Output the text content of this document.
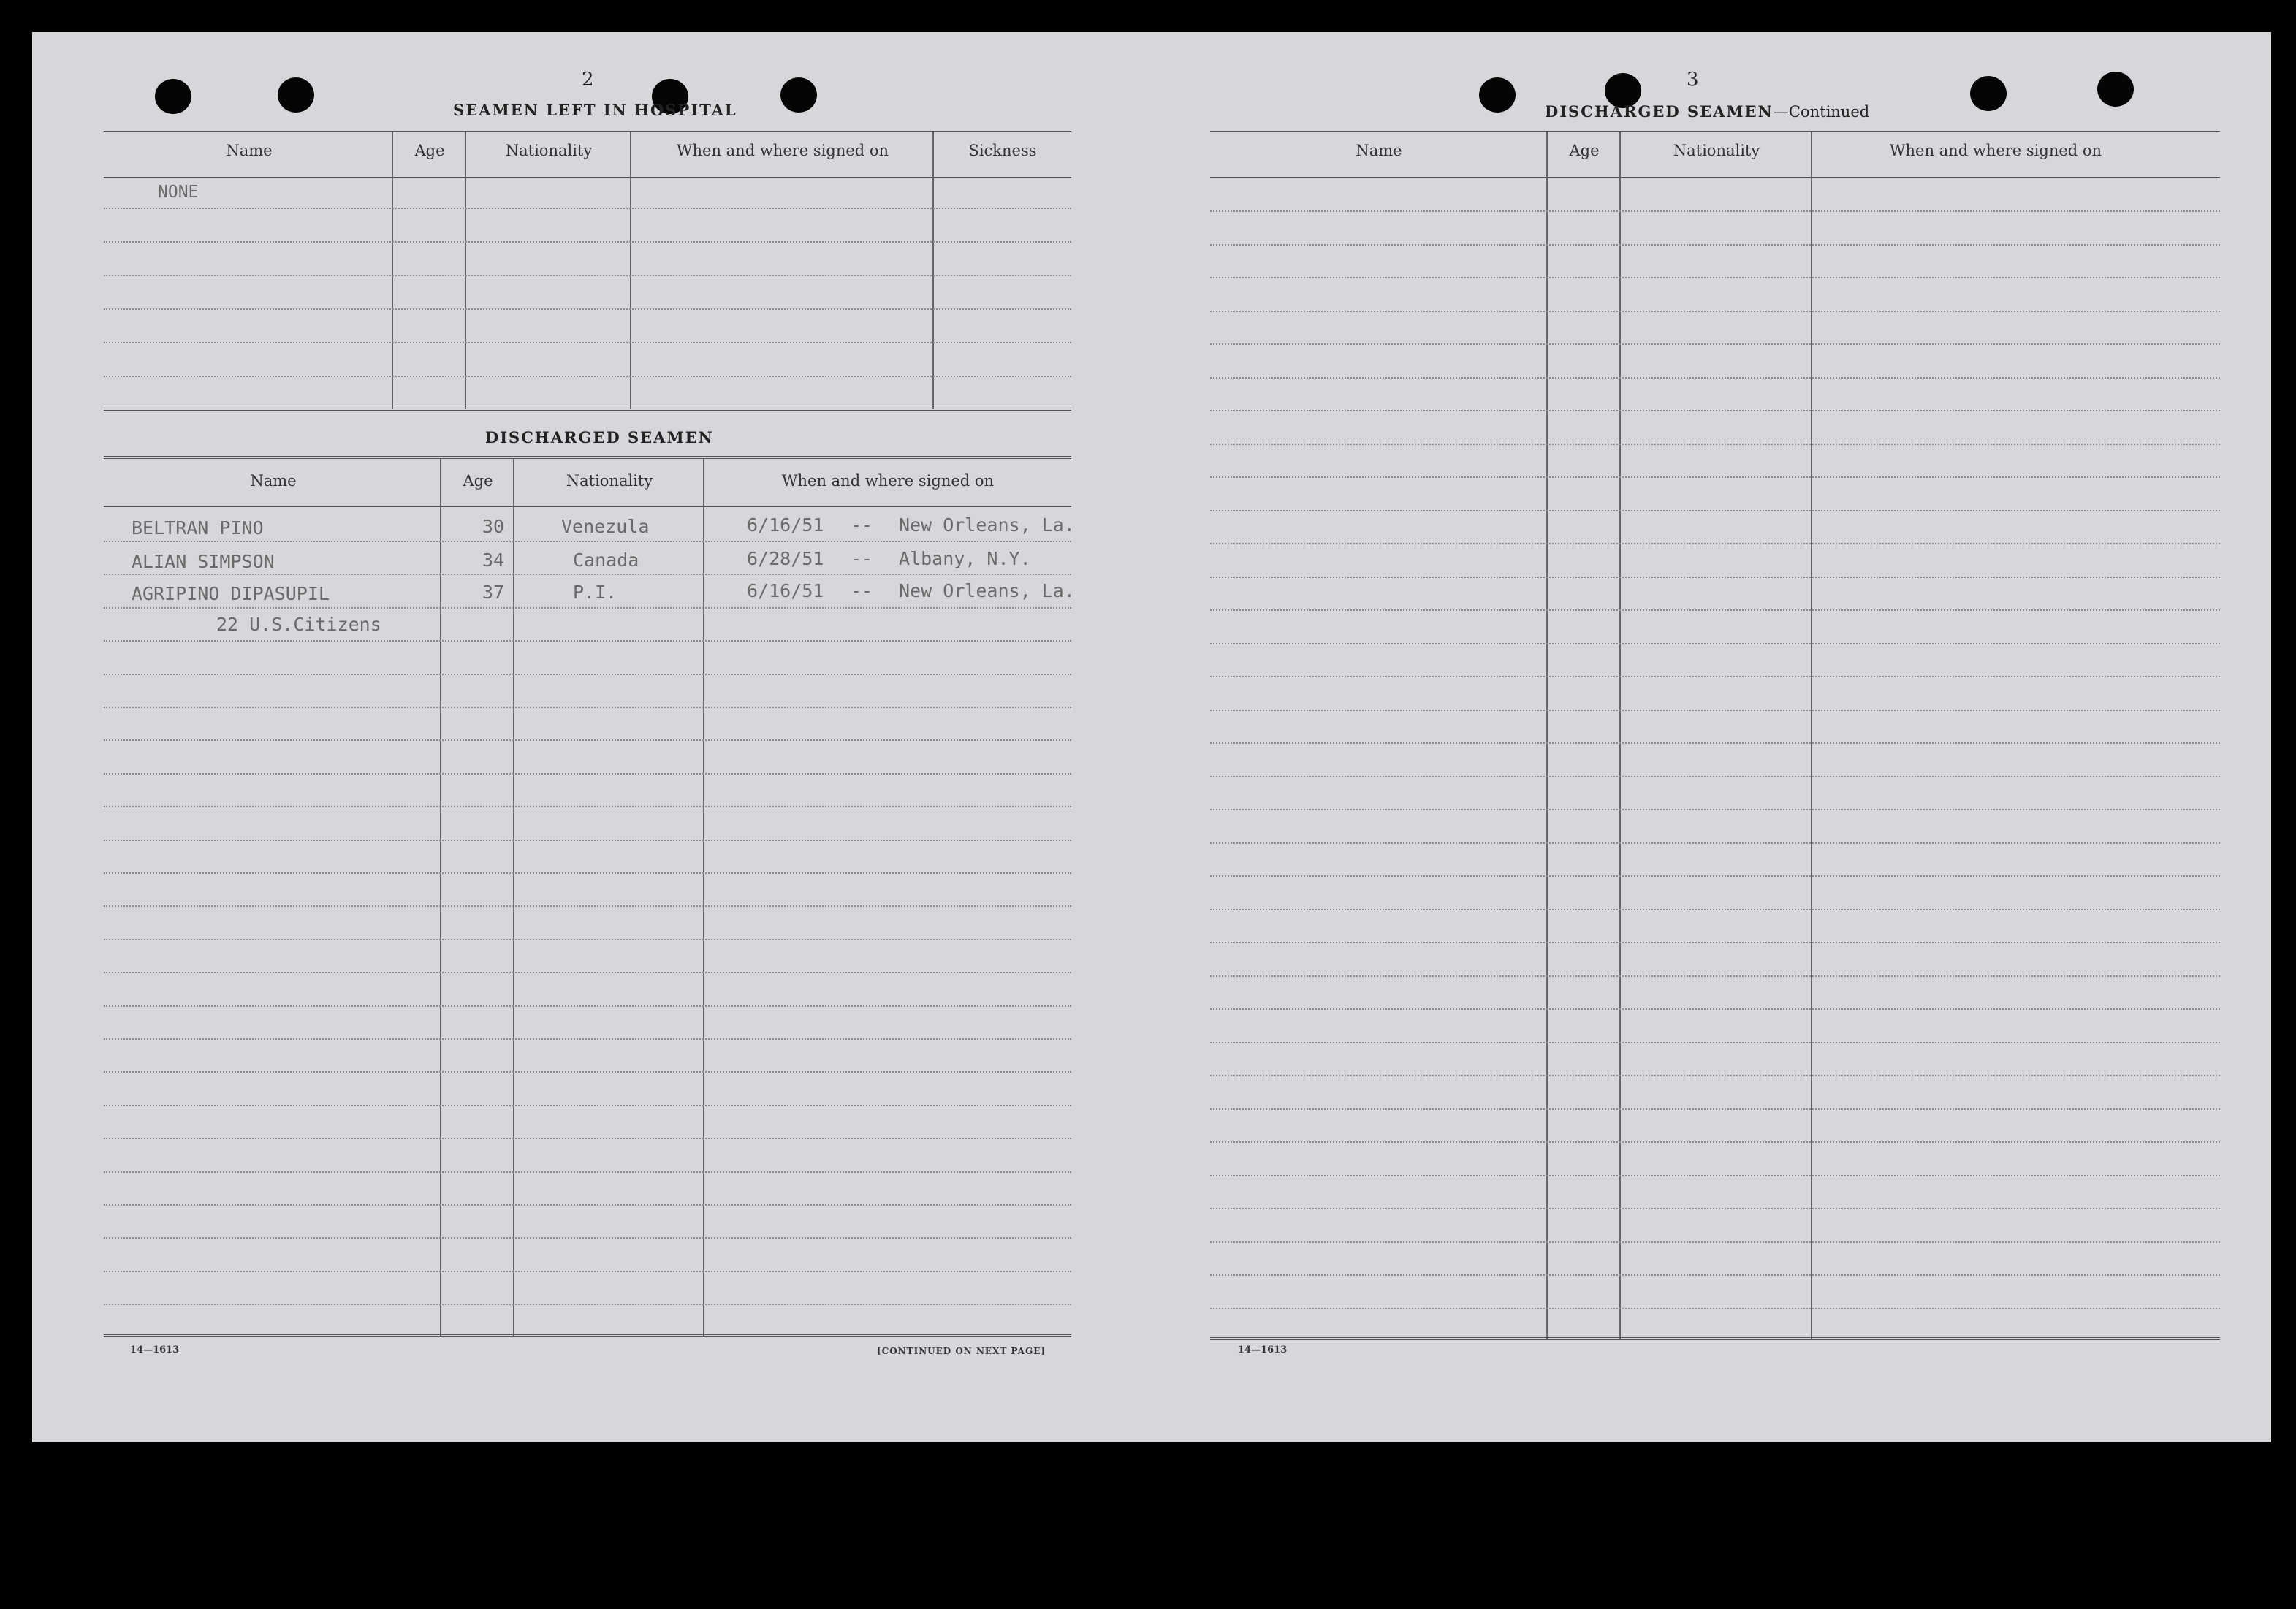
2
SEAMEN LEFT IN HOSPITAL
Name	Age	Nationality	When and where signed on	Sickness
NONE
DISCHARGED SEAMEN
Name	Age	Nationality	When and where signed on
BELTRAN PINO	30	Venezula	6/16/51 -- New Orleans, La.
ALIAN SIMPSON	34	Canada	6/28/51 -- Albany, N.Y.
AGRIPINO DIPASUPIL	37	P.I.	6/16/51 -- New Orleans, La.
22 U.S.Citizens
14—1613	[CONTINUED ON NEXT PAGE]
3
DISCHARGED SEAMEN—Continued
Name	Age	Nationality	When and where signed on
14—1613
